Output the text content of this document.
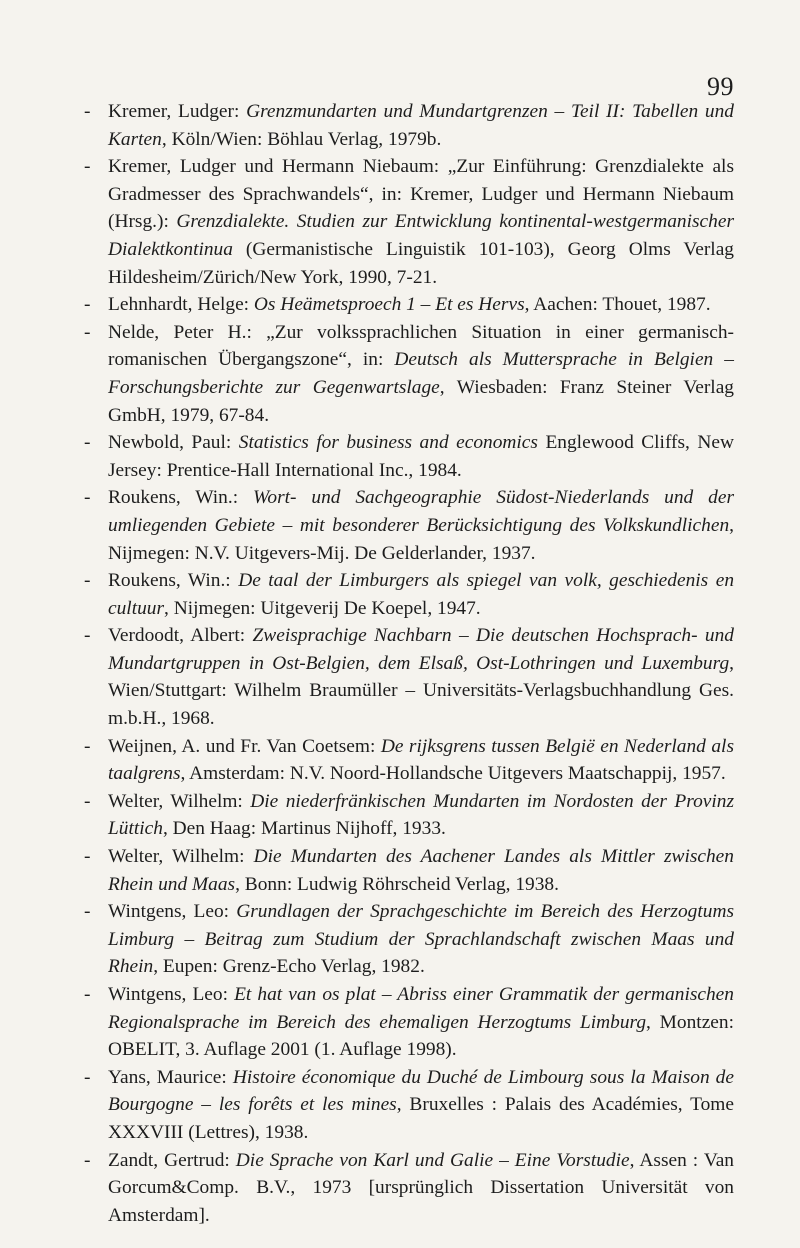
99
- Kremer, Ludger: Grenzmundarten und Mundartgrenzen – Teil II: Tabellen und Karten, Köln/Wien: Böhlau Verlag, 1979b.
- Kremer, Ludger und Hermann Niebaum: „Zur Einführung: Grenzdialekte als Gradmesser des Sprachwandels“, in: Kremer, Ludger und Hermann Niebaum (Hrsg.): Grenzdialekte. Studien zur Entwicklung kontinental-westgermanischer Dialektkontinua (Germanistische Linguistik 101-103), Georg Olms Verlag Hildesheim/Zürich/New York, 1990, 7-21.
- Lehnhardt, Helge: Os Heämetsproech 1 – Et es Hervs, Aachen: Thouet, 1987.
- Nelde, Peter H.: „Zur volkssprachlichen Situation in einer germanisch-romanischen Übergangszone“, in: Deutsch als Muttersprache in Belgien – Forschungsberichte zur Gegenwartslage, Wiesbaden: Franz Steiner Verlag GmbH, 1979, 67-84.
- Newbold, Paul: Statistics for business and economics Englewood Cliffs, New Jersey: Prentice-Hall International Inc., 1984.
- Roukens, Win.: Wort- und Sachgeographie Südost-Niederlands und der umliegenden Gebiete – mit besonderer Berücksichtigung des Volkskundlichen, Nijmegen: N.V. Uitgevers-Mij. De Gelderlander, 1937.
- Roukens, Win.: De taal der Limburgers als spiegel van volk, geschiedenis en cultuur, Nijmegen: Uitgeverij De Koepel, 1947.
- Verdoodt, Albert: Zweisprachige Nachbarn – Die deutschen Hochsprach- und Mundartgruppen in Ost-Belgien, dem Elsaß, Ost-Lothringen und Luxemburg, Wien/Stuttgart: Wilhelm Braumüller – Universitäts-Verlagsbuchhandlung Ges. m.b.H., 1968.
- Weijnen, A. und Fr. Van Coetsem: De rijksgrens tussen België en Nederland als taalgrens, Amsterdam: N.V. Noord-Hollandsche Uitgevers Maatschappij, 1957.
- Welter, Wilhelm: Die niederfränkischen Mundarten im Nordosten der Provinz Lüttich, Den Haag: Martinus Nijhoff, 1933.
- Welter, Wilhelm: Die Mundarten des Aachener Landes als Mittler zwischen Rhein und Maas, Bonn: Ludwig Röhrscheid Verlag, 1938.
- Wintgens, Leo: Grundlagen der Sprachgeschichte im Bereich des Herzogtums Limburg – Beitrag zum Studium der Sprachlandschaft zwischen Maas und Rhein, Eupen: Grenz-Echo Verlag, 1982.
- Wintgens, Leo: Et hat van os plat – Abriss einer Grammatik der germanischen Regionalsprache im Bereich des ehemaligen Herzogtums Limburg, Montzen: OBELIT, 3. Auflage 2001 (1. Auflage 1998).
- Yans, Maurice: Histoire économique du Duché de Limbourg sous la Maison de Bourgogne – les forêts et les mines, Bruxelles : Palais des Académies, Tome XXXVIII (Lettres), 1938.
- Zandt, Gertrud: Die Sprache von Karl und Galie – Eine Vorstudie, Assen : Van Gorcum&Comp. B.V., 1973 [ursprünglich Dissertation Universität von Amsterdam].
